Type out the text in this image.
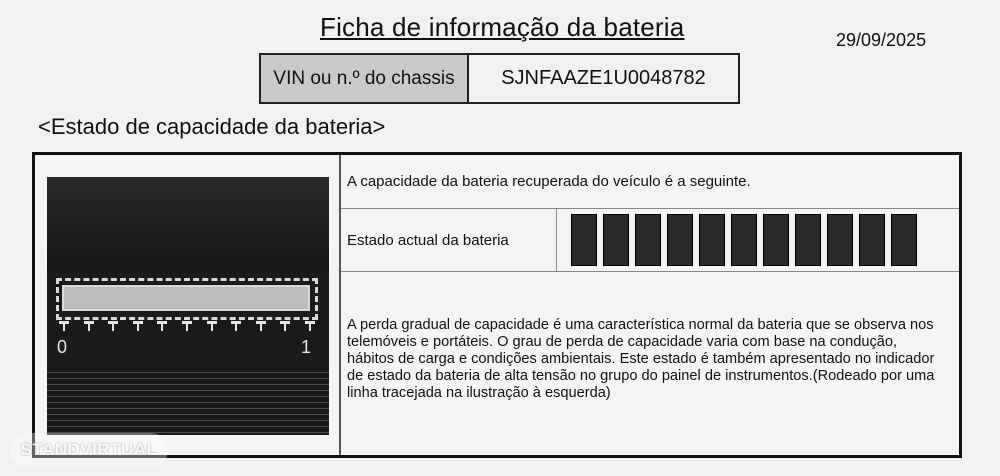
Ficha de informação da bateria	29/09/2025
VIN ou n.º do chassis	SJNFAAZE1U0048782
<Estado de capacidade da bateria>
0	1
A capacidade da bateria recuperada do veículo é a seguinte.
Estado actual da bateria
A perda gradual de capacidade é uma característica normal da bateria que se observa nos telemóveis e portáteis. O grau de perda de capacidade varia com base na condução, hábitos de carga e condições ambientais. Este estado é também apresentado no indicador de estado da bateria de alta tensão no grupo do painel de instrumentos.(Rodeado por uma linha tracejada na ilustração à esquerda)
STANDVIRTUAL
